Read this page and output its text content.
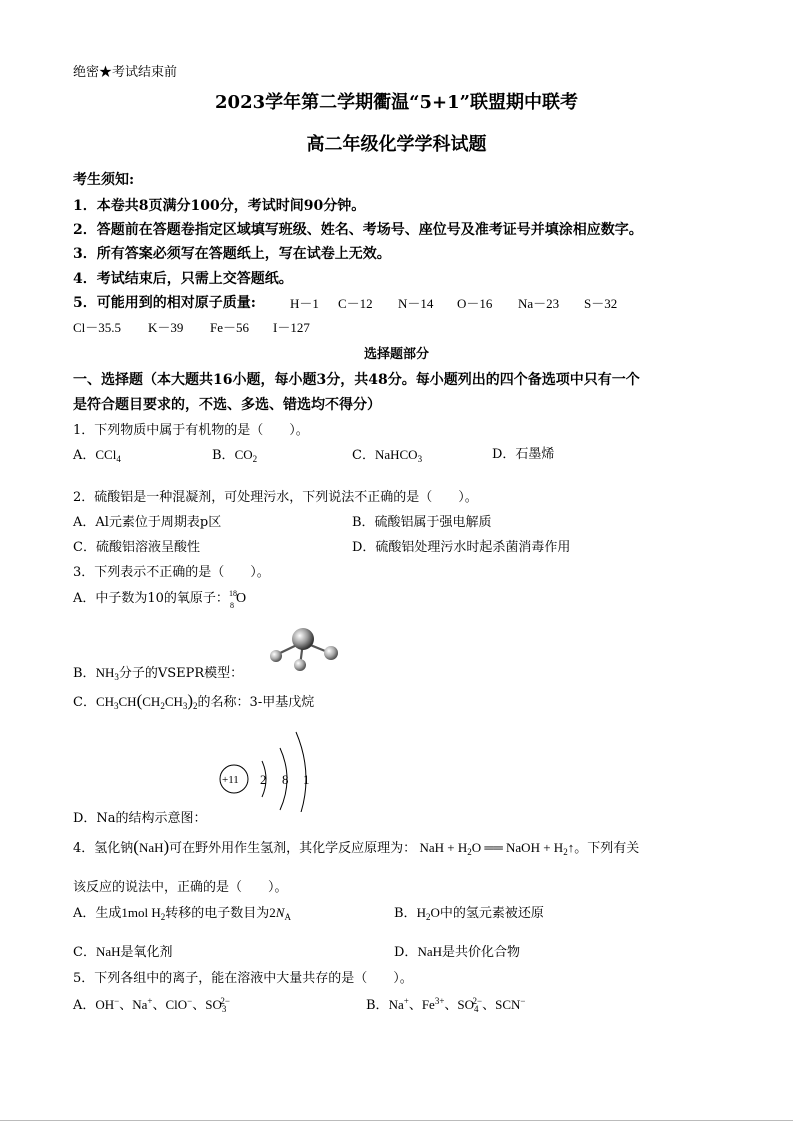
绝密★考试结束前
2023学年第二学期衢温“5+1”联盟期中联考
高二年级化学学科试题
考生须知:
1．本卷共8页满分100分，考试时间90分钟。
2．答题前在答题卷指定区域填写班级、姓名、考场号、座位号及准考证号并填涂相应数字。
3．所有答案必须写在答题纸上，写在试卷上无效。
4．考试结束后，只需上交答题纸。
5．可能用到的相对原子质量:	H－1 C－12 N－14 O－16 Na－23 S－32
Cl－35.5 K－39 Fe－56 I－127
选择题部分
一、选择题（本大题共16小题，每小题3分，共48分。每小题列出的四个备选项中只有一个
是符合题目要求的，不选、多选、错选均不得分）
1．下列物质中属于有机物的是（　　）。
A．CCl$_4$	B．$CO_2$	C．NaHCO$_3$	D．石墨烯
2．硫酸铝是一种混凝剂，可处理污水，下列说法不正确的是（　　）。
A．Al元素位于周期表p区	B．硫酸铝属于强电解质
C．硫酸铝溶液呈酸性	D．硫酸铝处理污水时起杀菌消毒作用
3．下列表示不正确的是（　　）。
A．中子数为10的氧原子： 18
8 O
B．$NH_3$分子的VSEPR模型：
C．$CH_3CH(CH_2CH_3)_2$的名称：3-甲基戊烷
+11 2 8 1
D．Na的结构示意图：
4．氢化钠(NaH)可在野外用作生氢剂，其化学反应原理为： NaH + $H_2O$ ══ NaOH + $H_2↑$。下列有关
该反应的说法中，正确的是（　　）。
A．生成1mol $H_2$转移的电子数目为$2N_A$	B．$H_2O$中的氢元素被还原
C．NaH是氧化剂	D．NaH是共价化合物
5．下列各组中的离子，能在溶液中大量共存的是（　　）。
A．OH−、Na+、ClO−、$SO_3^{2-}$	B．Na+、$Fe^{3+}$、$SO_4^{2-}$、SCN−
